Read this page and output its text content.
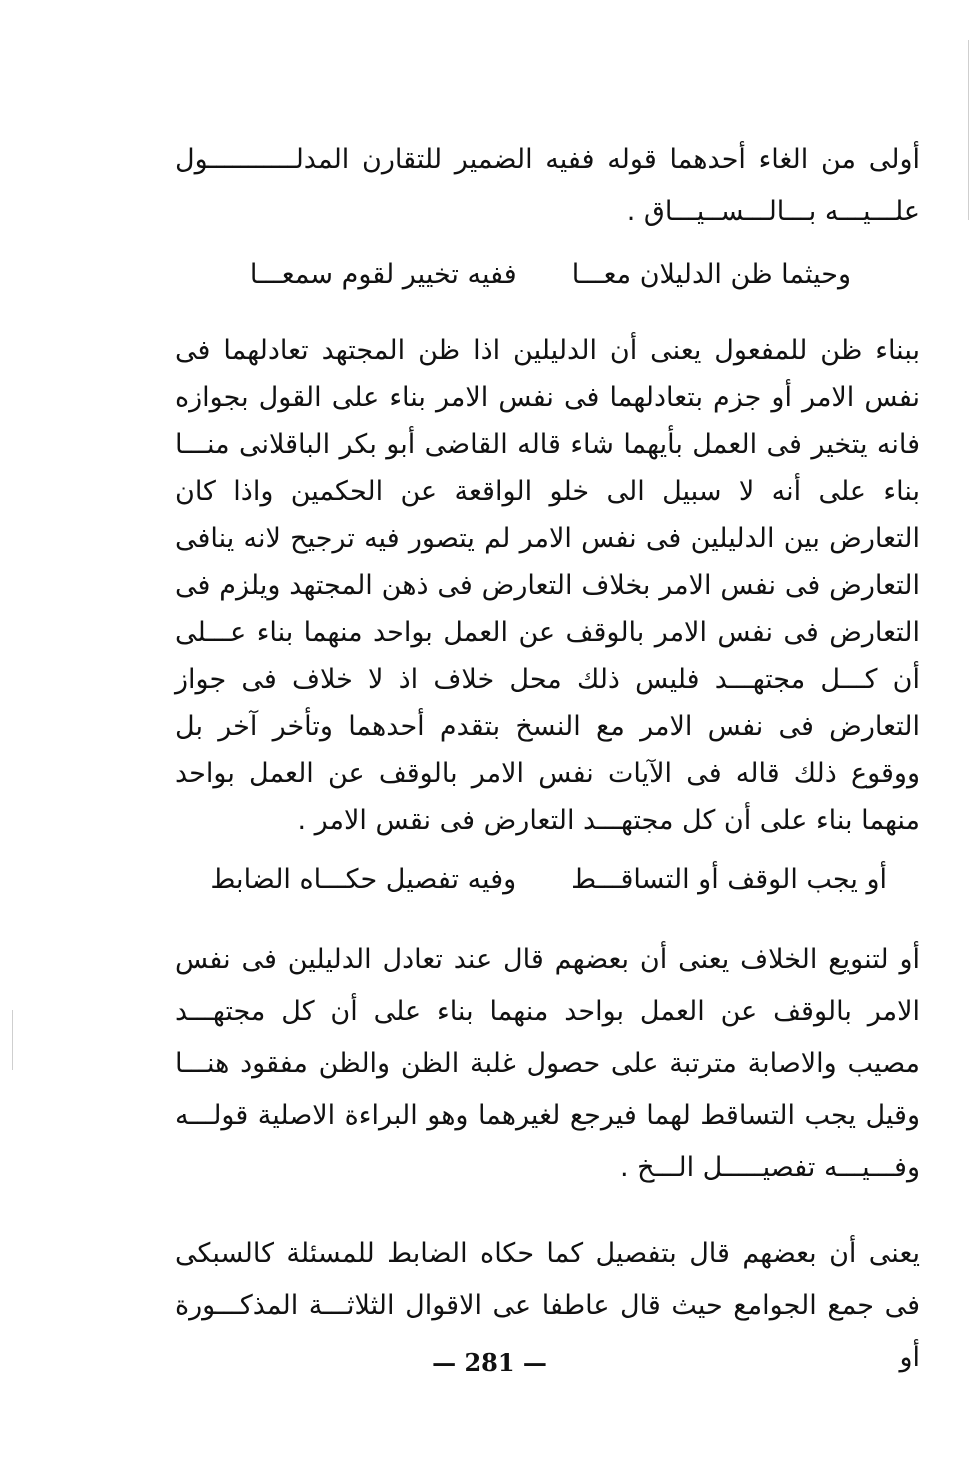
أولى من الغاء أحدهما قوله ففيه الضمير للتقارن المدلـــــــــــول علـــيـــه بـــالـــســيـــاق .

وحيثما ظن الدليلان معـــاففيه تخيير لقوم سمعـــا

ببناء ظن للمفعول يعنى أن الدليلين اذا ظن المجتهد تعادلهما فى نفس الامر أو جزم بتعادلهما فى نفس الامر بناء على القول بجوازه فانه يتخير فى العمل بأيهما شاء قاله القاضى أبو بكر الباقلانى منـــا بناء على أنه لا سبيل الى خلو الواقعة عن الحكمين واذا كان التعارض بين الدليلين فى نفس الامر لم يتصور فيه ترجيح لانه ينافى التعارض فى نفس الامر بخلاف التعارض فى ذهن المجتهد ويلزم فى التعارض فى نفس الامر بالوقف عن العمل بواحد منهما بناء عـــلى أن كـــل مجتهـــد فليس ذلك محل خلاف اذ لا خلاف فى جواز التعارض فى نفس الامر مع النسخ بتقدم أحدهما وتأخر آخر بل ووقوع ذلك قاله فى الآيات نفس الامر بالوقف عن العمل بواحد منهما بناء على أن كل مجتهـــد التعارض فى نقس الامر .

أو يجب الوقف أو التساقـــطوفيه تفصيل حكـــاه الضابط

أو لتنويع الخلاف يعنى أن بعضهم قال عند تعادل الدليلين فى نفس الامر بالوقف عن العمل بواحد منهما بناء على أن كل مجتهـــد مصيب والاصابة مترتبة على حصول غلبة الظن والظن مفقود هنـــا وقيل يجب التساقط لهما فيرجع لغيرهما وهو البراءة الاصلية قولـــه وفـــيـــه تفصيـــــل الـــخ .

يعنى أن بعضهم قال بتفصيل كما حكاه الضابط للمسئلة كالسبكى فى جمع الجوامع حيث قال عاطفا عى الاقوال الثلاثـــة المذكـــورة أو

— 281 —
